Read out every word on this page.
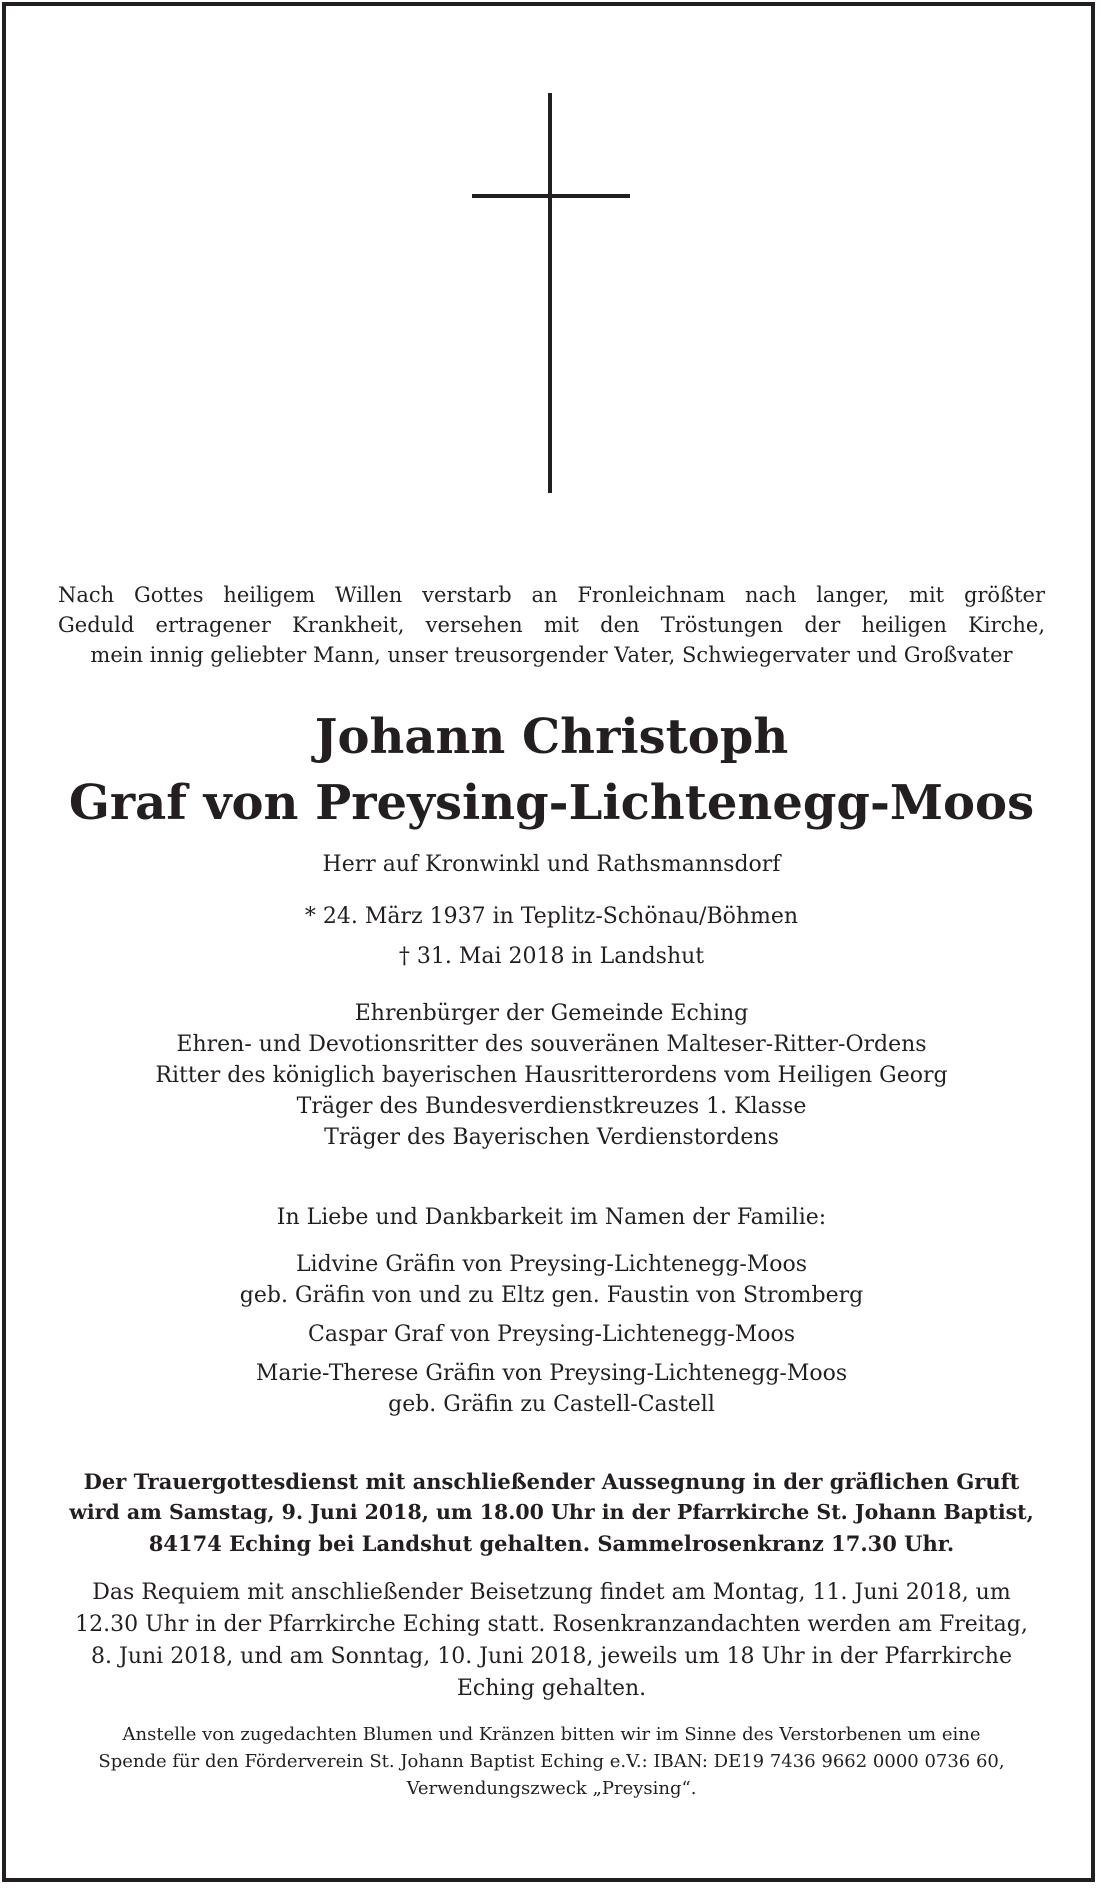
Nach Gottes heiligem Willen verstarb an Fronleichnam nach langer, mit größter
Geduld ertragener Krankheit, versehen mit den Tröstungen der heiligen Kirche,
mein innig geliebter Mann, unser treusorgender Vater, Schwiegervater und Großvater

Johann Christoph
Graf von Preysing-Lichtenegg-Moos

Herr auf Kronwinkl und Rathsmannsdorf

* 24. März 1937 in Teplitz-Schönau/Böhmen

† 31. Mai 2018 in Landshut

Ehrenbürger der Gemeinde Eching
Ehren- und Devotionsritter des souveränen Malteser-Ritter-Ordens
Ritter des königlich bayerischen Hausritterordens vom Heiligen Georg
Träger des Bundesverdienstkreuzes 1. Klasse
Träger des Bayerischen Verdienstordens

In Liebe und Dankbarkeit im Namen der Familie:

Lidvine Gräfin von Preysing-Lichtenegg-Moos
geb. Gräfin von und zu Eltz gen. Faustin von Stromberg

Caspar Graf von Preysing-Lichtenegg-Moos

Marie-Therese Gräfin von Preysing-Lichtenegg-Moos
geb. Gräfin zu Castell-Castell

Der Trauergottesdienst mit anschließender Aussegnung in der gräflichen Gruft
wird am Samstag, 9. Juni 2018, um 18.00 Uhr in der Pfarrkirche St. Johann Baptist,
84174 Eching bei Landshut gehalten. Sammelrosenkranz 17.30 Uhr.

Das Requiem mit anschließender Beisetzung findet am Montag, 11. Juni 2018, um
12.30 Uhr in der Pfarrkirche Eching statt. Rosenkranzandachten werden am Freitag,
8. Juni 2018, und am Sonntag, 10. Juni 2018, jeweils um 18 Uhr in der Pfarrkirche
Eching gehalten.

Anstelle von zugedachten Blumen und Kränzen bitten wir im Sinne des Verstorbenen um eine
Spende für den Förderverein St. Johann Baptist Eching e.V.: IBAN: DE19 7436 9662 0000 0736 60,
Verwendungszweck „Preysing“.
